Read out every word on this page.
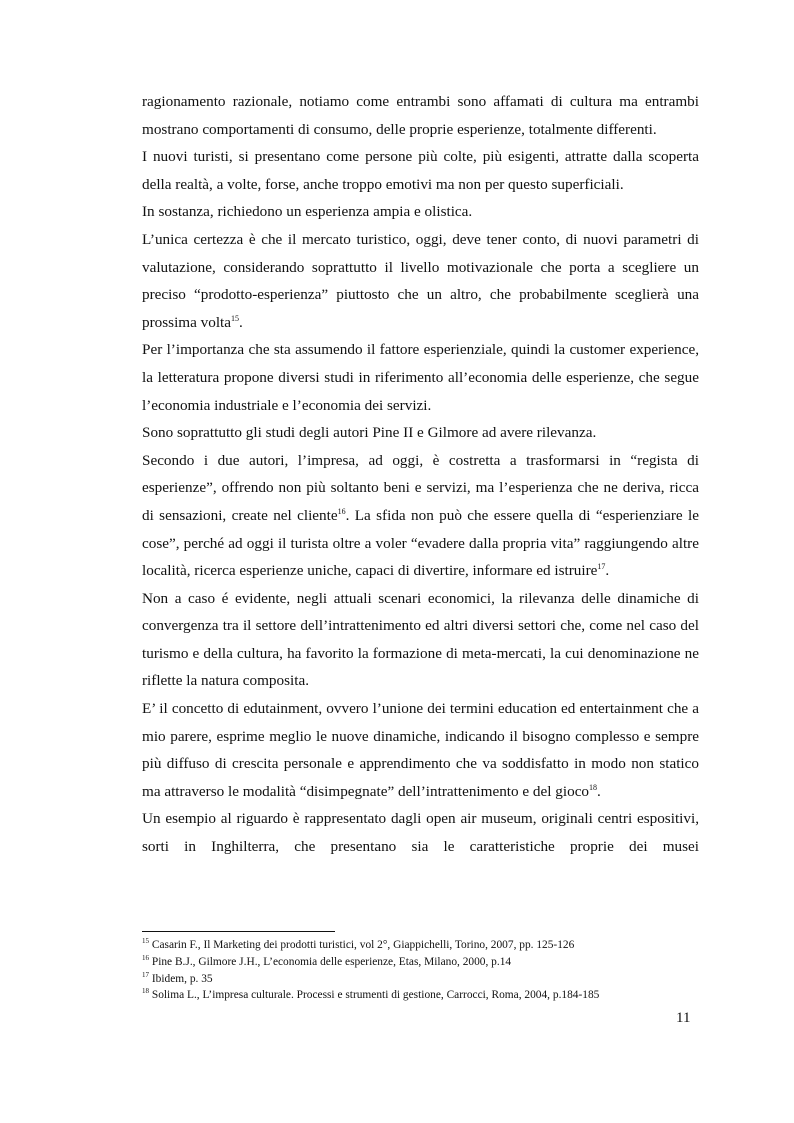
ragionamento razionale, notiamo come entrambi sono affamati di cultura ma entrambi mostrano comportamenti di consumo, delle proprie esperienze, totalmente differenti.

I nuovi turisti, si presentano come persone più colte, più esigenti, attratte dalla scoperta della realtà, a volte, forse, anche troppo emotivi ma non per questo superficiali.

In sostanza, richiedono un esperienza ampia e olistica.

L’unica certezza è che il mercato turistico, oggi, deve tener conto, di nuovi parametri di valutazione, considerando soprattutto il livello motivazionale che porta a scegliere un preciso “prodotto-esperienza” piuttosto che un altro, che probabilmente sceglierà una prossima volta$^{15}$.

Per l’importanza che sta assumendo il fattore esperienziale, quindi la customer experience, la letteratura propone diversi studi in riferimento all’economia delle esperienze, che segue l’economia industriale e l’economia dei servizi.

Sono soprattutto gli studi degli autori Pine II e Gilmore ad avere rilevanza.

Secondo i due autori, l’impresa, ad oggi, è costretta a trasformarsi in “regista di esperienze”, offrendo non più soltanto beni e servizi, ma l’esperienza che ne deriva, ricca di sensazioni, create nel cliente$^{16}$. La sfida non può che essere quella di “esperienziare le cose”, perché ad oggi il turista oltre a voler “evadere dalla propria vita” raggiungendo altre località, ricerca esperienze uniche, capaci di divertire, informare ed istruire$^{17}$.

Non a caso é evidente, negli attuali scenari economici, la rilevanza delle dinamiche di convergenza tra il settore dell’intrattenimento ed altri diversi settori che, come nel caso del turismo e della cultura, ha favorito la formazione di meta-mercati, la cui denominazione ne riflette la natura composita.

E’ il concetto di edutainment, ovvero l’unione dei termini education ed entertainment che a mio parere, esprime meglio le nuove dinamiche, indicando il bisogno complesso e sempre più diffuso di crescita personale e apprendimento che va soddisfatto in modo non statico ma attraverso le modalità “disimpegnate” dell’intrattenimento e del gioco$^{18}$.

Un esempio al riguardo è rappresentato dagli open air museum, originali centri espositivi, sorti in Inghilterra, che presentano sia le caratteristiche proprie dei musei

$^{15}$ Casarin F., Il Marketing dei prodotti turistici, vol 2°, Giappichelli, Torino, 2007, pp. 125-126
$^{16}$ Pine B.J., Gilmore J.H., L’economia delle esperienze, Etas, Milano, 2000, p.14
$^{17}$ Ibidem, p. 35
$^{18}$ Solima L., L’impresa culturale. Processi e strumenti di gestione, Carrocci, Roma, 2004, p.184-185
11
